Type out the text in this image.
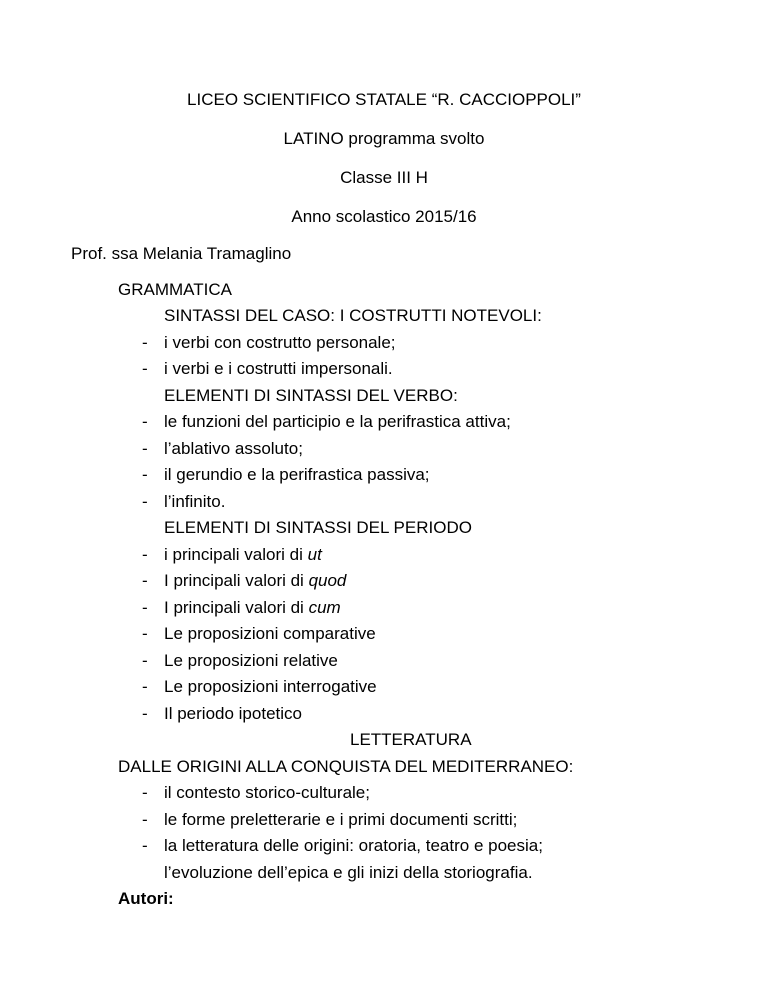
LICEO SCIENTIFICO STATALE “R. CACCIOPPOLI”
LATINO programma svolto
Classe III H
Anno scolastico 2015/16
Prof. ssa Melania Tramaglino
GRAMMATICA
SINTASSI DEL CASO: I COSTRUTTI NOTEVOLI:
- i verbi con costrutto personale;
- i verbi e i costrutti impersonali.
ELEMENTI DI SINTASSI DEL VERBO:
- le funzioni del participio e la perifrastica attiva;
- l’ablativo assoluto;
- il gerundio e la perifrastica passiva;
- l’infinito.
ELEMENTI DI SINTASSI DEL PERIODO
- i principali valori di ut
- I principali valori di quod
- I principali valori di cum
- Le proposizioni comparative
- Le proposizioni relative
- Le proposizioni interrogative
- Il periodo ipotetico
LETTERATURA
DALLE ORIGINI ALLA CONQUISTA DEL MEDITERRANEO:
- il contesto storico-culturale;
- le forme preletterarie e i primi documenti scritti;
- la letteratura delle origini: oratoria, teatro e poesia;
l’evoluzione dell’epica e gli inizi della storiografia.
Autori:
